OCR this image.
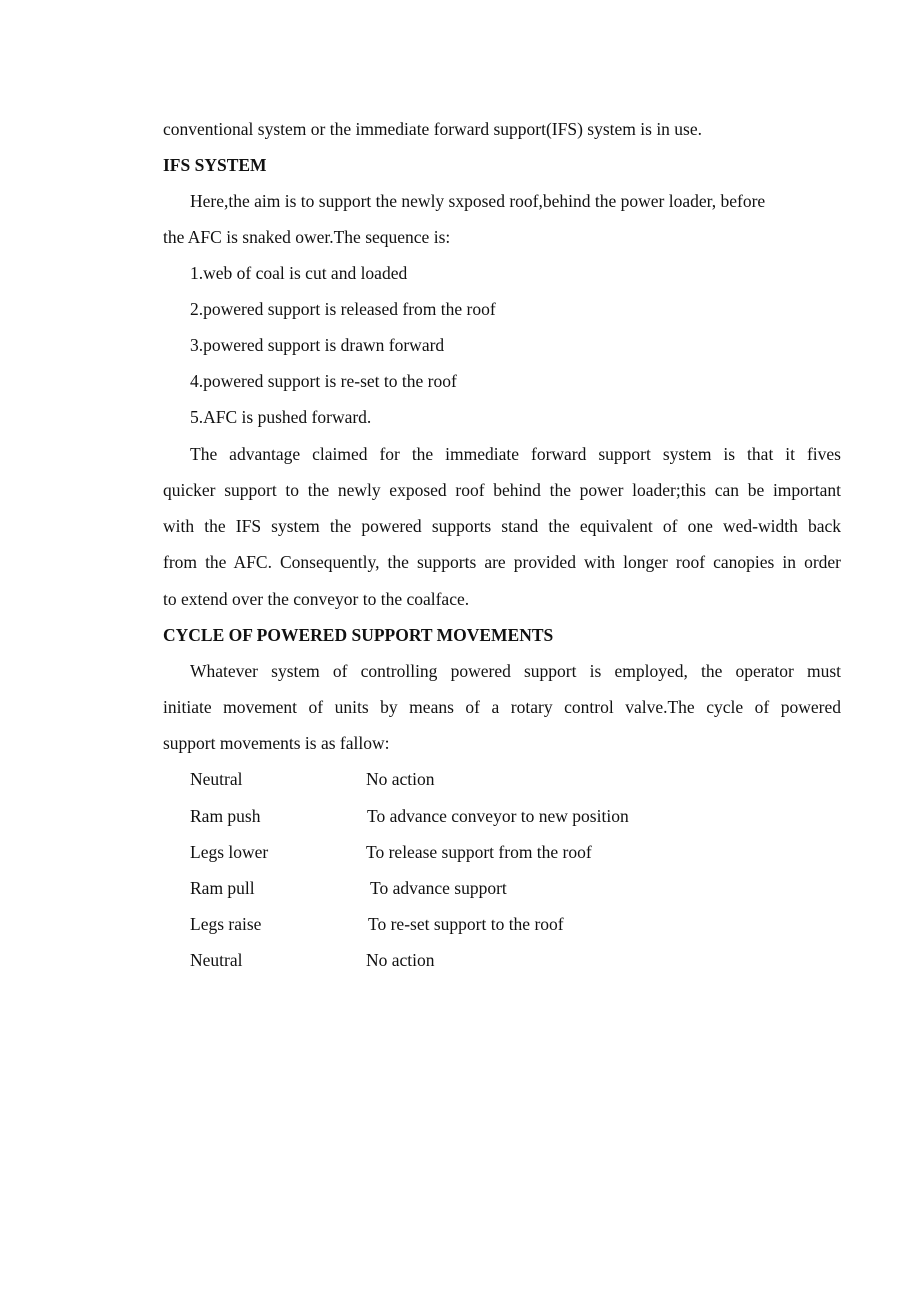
conventional system or the immediate forward support(IFS) system is in use.
IFS SYSTEM
Here,the aim is to support the newly sxposed roof,behind the power loader, before
the AFC is snaked ower.The sequence is:
1.web of coal is cut and loaded
2.powered support is released from the roof
3.powered support is drawn forward
4.powered support is re-set to the roof
5.AFC is pushed forward.
The advantage claimed for the immediate forward support system is that it fives
quicker support to the newly exposed roof behind the power loader;this can be important
with the IFS system the powered supports stand the equivalent of one wed-width back
from the AFC. Consequently, the supports are provided with longer roof canopies in order
to extend over the conveyor to the coalface.
CYCLE OF POWERED SUPPORT MOVEMENTS
Whatever system of controlling powered support is employed, the operator must
initiate movement of units by means of a rotary control valve.The cycle of powered
support movements is as fallow:
Neutral	No action
Ram push	To advance conveyor to new position
Legs lower	To release support from the roof
Ram pull	To advance support
Legs raise	To re-set support to the roof
Neutral	No action
